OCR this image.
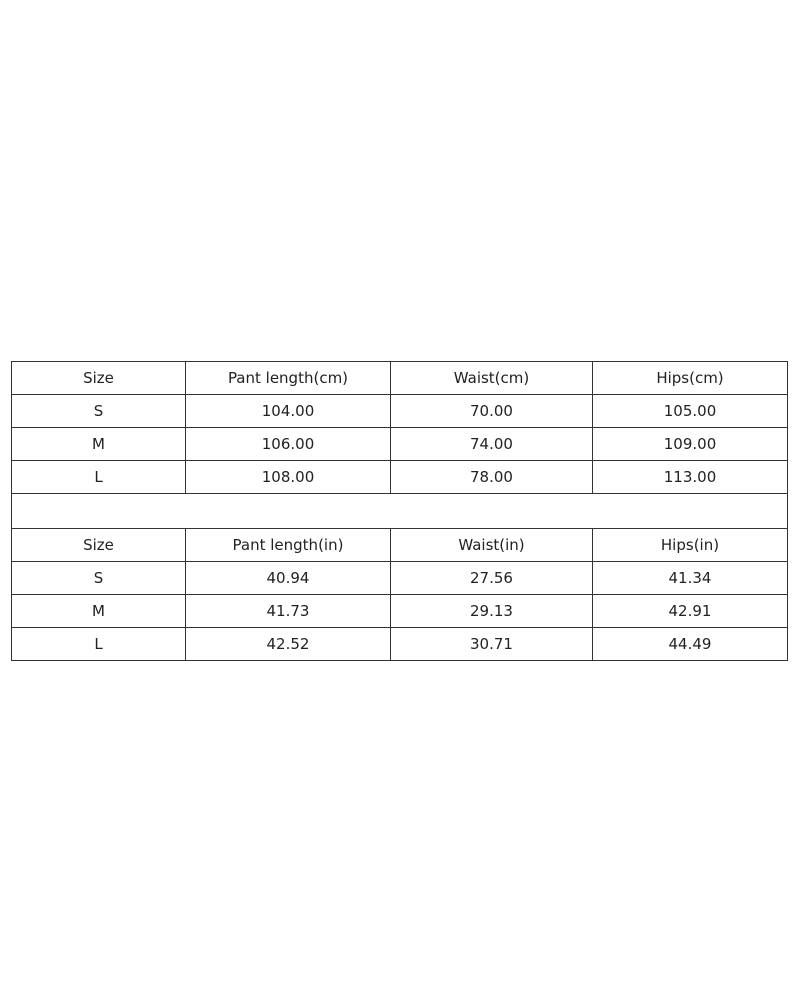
Size	Pant length(cm)	Waist(cm)	Hips(cm)
S	104.00	70.00	105.00
M	106.00	74.00	109.00
L	108.00	78.00	113.00

Size	Pant length(in)	Waist(in)	Hips(in)
S	40.94	27.56	41.34
M	41.73	29.13	42.91
L	42.52	30.71	44.49
